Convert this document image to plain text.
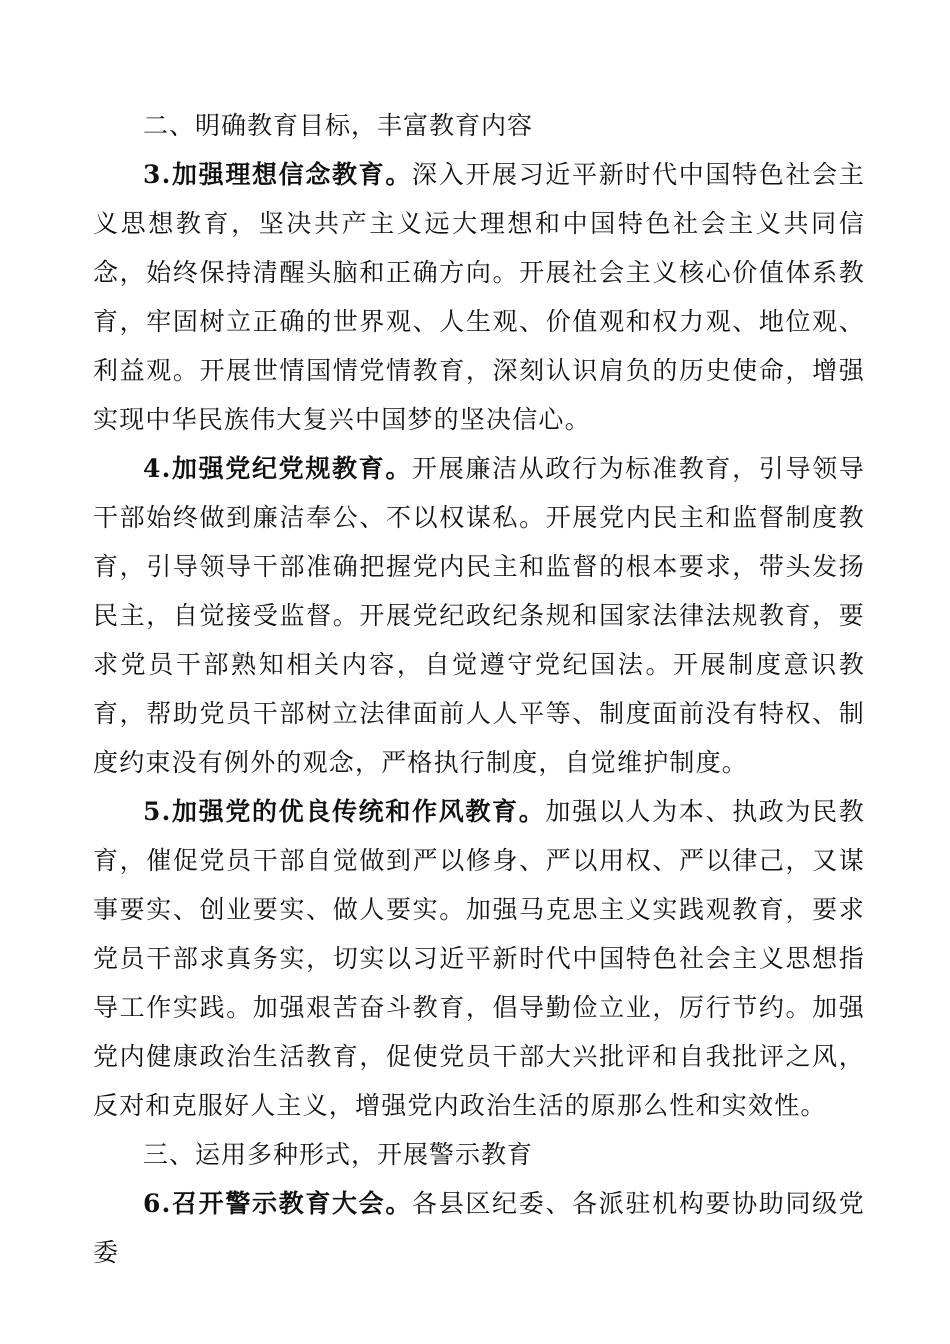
二、明确教育目标，丰富教育内容

3.加强理想信念教育。深入开展习近平新时代中国特色社会主义思想教育，坚决共产主义远大理想和中国特色社会主义共同信念，始终保持清醒头脑和正确方向。开展社会主义核心价值体系教育，牢固树立正确的世界观、人生观、价值观和权力观、地位观、利益观。开展世情国情党情教育，深刻认识肩负的历史使命，增强实现中华民族伟大复兴中国梦的坚决信心。

4.加强党纪党规教育。开展廉洁从政行为标准教育，引导领导干部始终做到廉洁奉公、不以权谋私。开展党内民主和监督制度教育，引导领导干部准确把握党内民主和监督的根本要求，带头发扬民主，自觉接受监督。开展党纪政纪条规和国家法律法规教育，要求党员干部熟知相关内容，自觉遵守党纪国法。开展制度意识教育，帮助党员干部树立法律面前人人平等、制度面前没有特权、制度约束没有例外的观念，严格执行制度，自觉维护制度。

5.加强党的优良传统和作风教育。加强以人为本、执政为民教育，催促党员干部自觉做到严以修身、严以用权、严以律己，又谋事要实、创业要实、做人要实。加强马克思主义实践观教育，要求党员干部求真务实，切实以习近平新时代中国特色社会主义思想指导工作实践。加强艰苦奋斗教育，倡导勤俭立业，厉行节约。加强党内健康政治生活教育，促使党员干部大兴批评和自我批评之风，反对和克服好人主义，增强党内政治生活的原那么性和实效性。

三、运用多种形式，开展警示教育

6.召开警示教育大会。各县区纪委、各派驻机构要协助同级党委
